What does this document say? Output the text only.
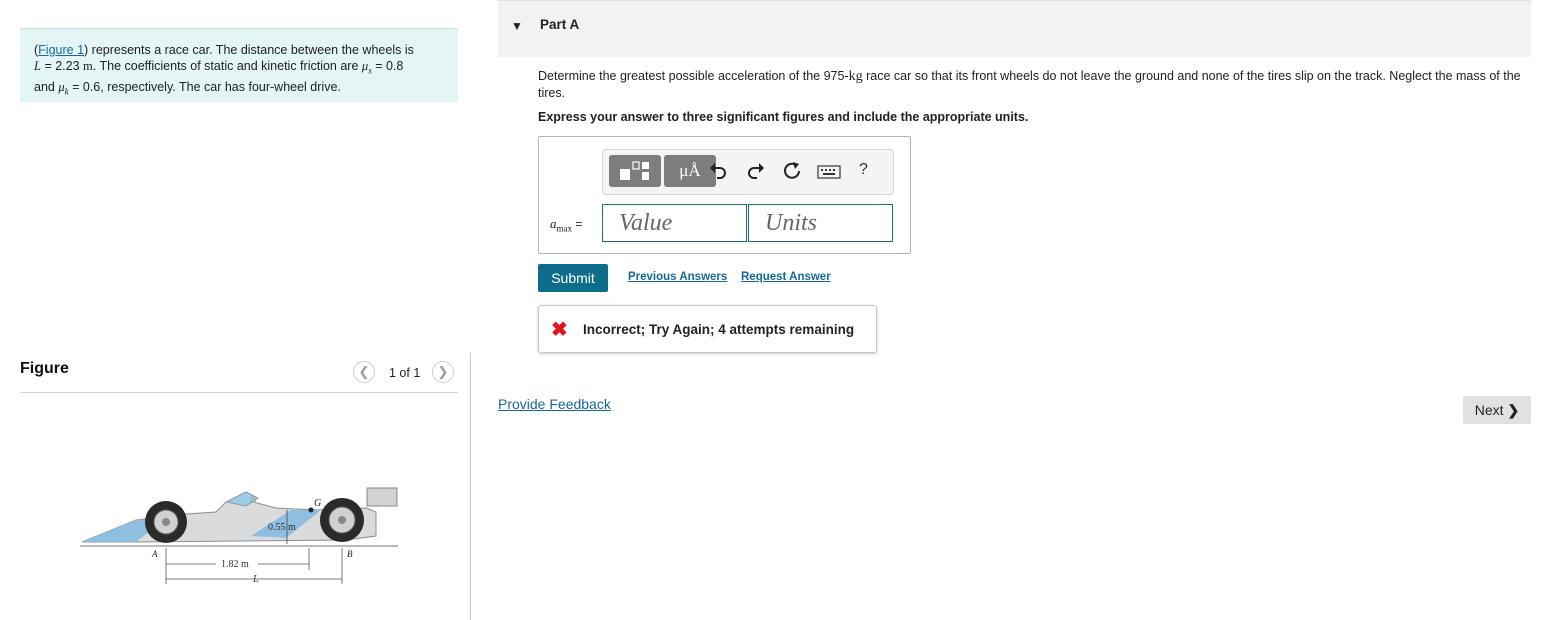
(Figure 1) represents a race car. The distance between the wheels is
L = 2.23 m. The coefficients of static and kinetic friction are $\mu_s = 0.8$
and $\mu_k = 0.6$, respectively. The car has four-wheel drive.
Figure	❮	1 of 1	❯
27	G
0.55 m
A	B
1.82 m
L
▼ Part A
Determine the greatest possible acceleration of the 975-kg race car so that its front wheels do not leave the ground and none of the tires slip on the track. Neglect the mass of the tires.
Express your answer to three significant figures and include the appropriate units.
μÅ	?
$a_{max}$ =	Value	Units
Submit	Previous Answers Request Answer
✖ Incorrect; Try Again; 4 attempts remaining
Provide Feedback	Next ❯
